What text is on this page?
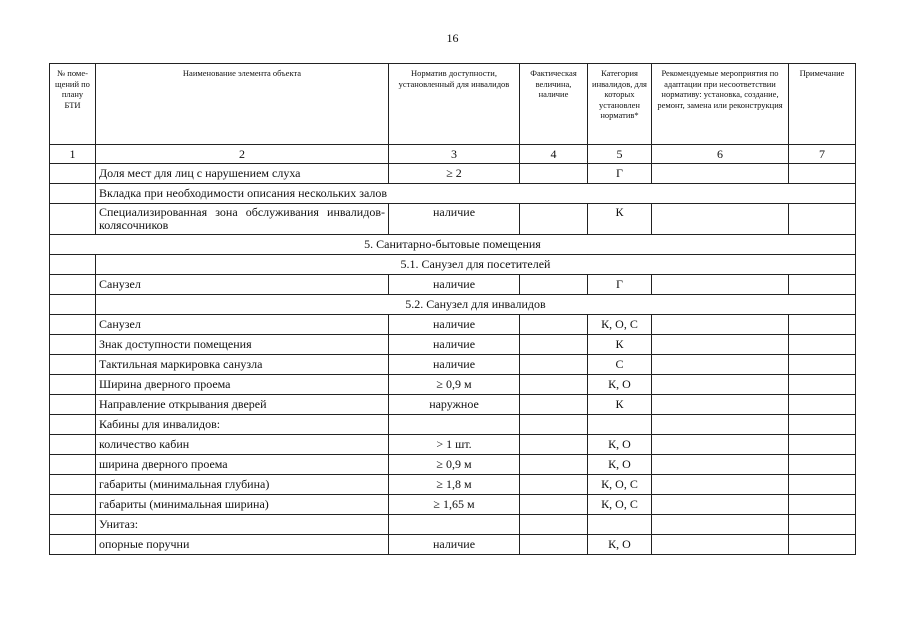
16
№ поме-щений по плану БТИ	Наименование элемента объекта	Норматив доступности, установленный для инвалидов	Фактическая величина, наличие	Категория инвалидов, для которых установлен норматив*	Рекомендуемые мероприятия по адаптации при несоответствии нормативу: установка, создание, ремонт, замена или реконструкция	Примечание
1	2	3	4	5	6	7
	Доля мест для лиц с нарушением слуха	≥ 2		Г		
	Вкладка при необходимости описания нескольких залов					
	Специализированная зона обслуживания инвалидов-колясочников	наличие		К		
5. Санитарно-бытовые помещения						
	5.1. Санузел для посетителей					
	Санузел	наличие		Г		
	5.2. Санузел для инвалидов					
	Санузел	наличие		К, О, С		
	Знак доступности помещения	наличие		К		
	Тактильная маркировка санузла	наличие		С		
	Ширина дверного проема	≥ 0,9 м		К, О		
	Направление открывания дверей	наружное		К		
	Кабины для инвалидов:					
	количество кабин	> 1 шт.		К, О		
	ширина дверного проема	≥ 0,9 м		К, О		
	габариты (минимальная глубина)	≥ 1,8 м		К, О, С		
	габариты (минимальная ширина)	≥ 1,65 м		К, О, С		
	Унитаз:					
	опорные поручни	наличие		К, О		
